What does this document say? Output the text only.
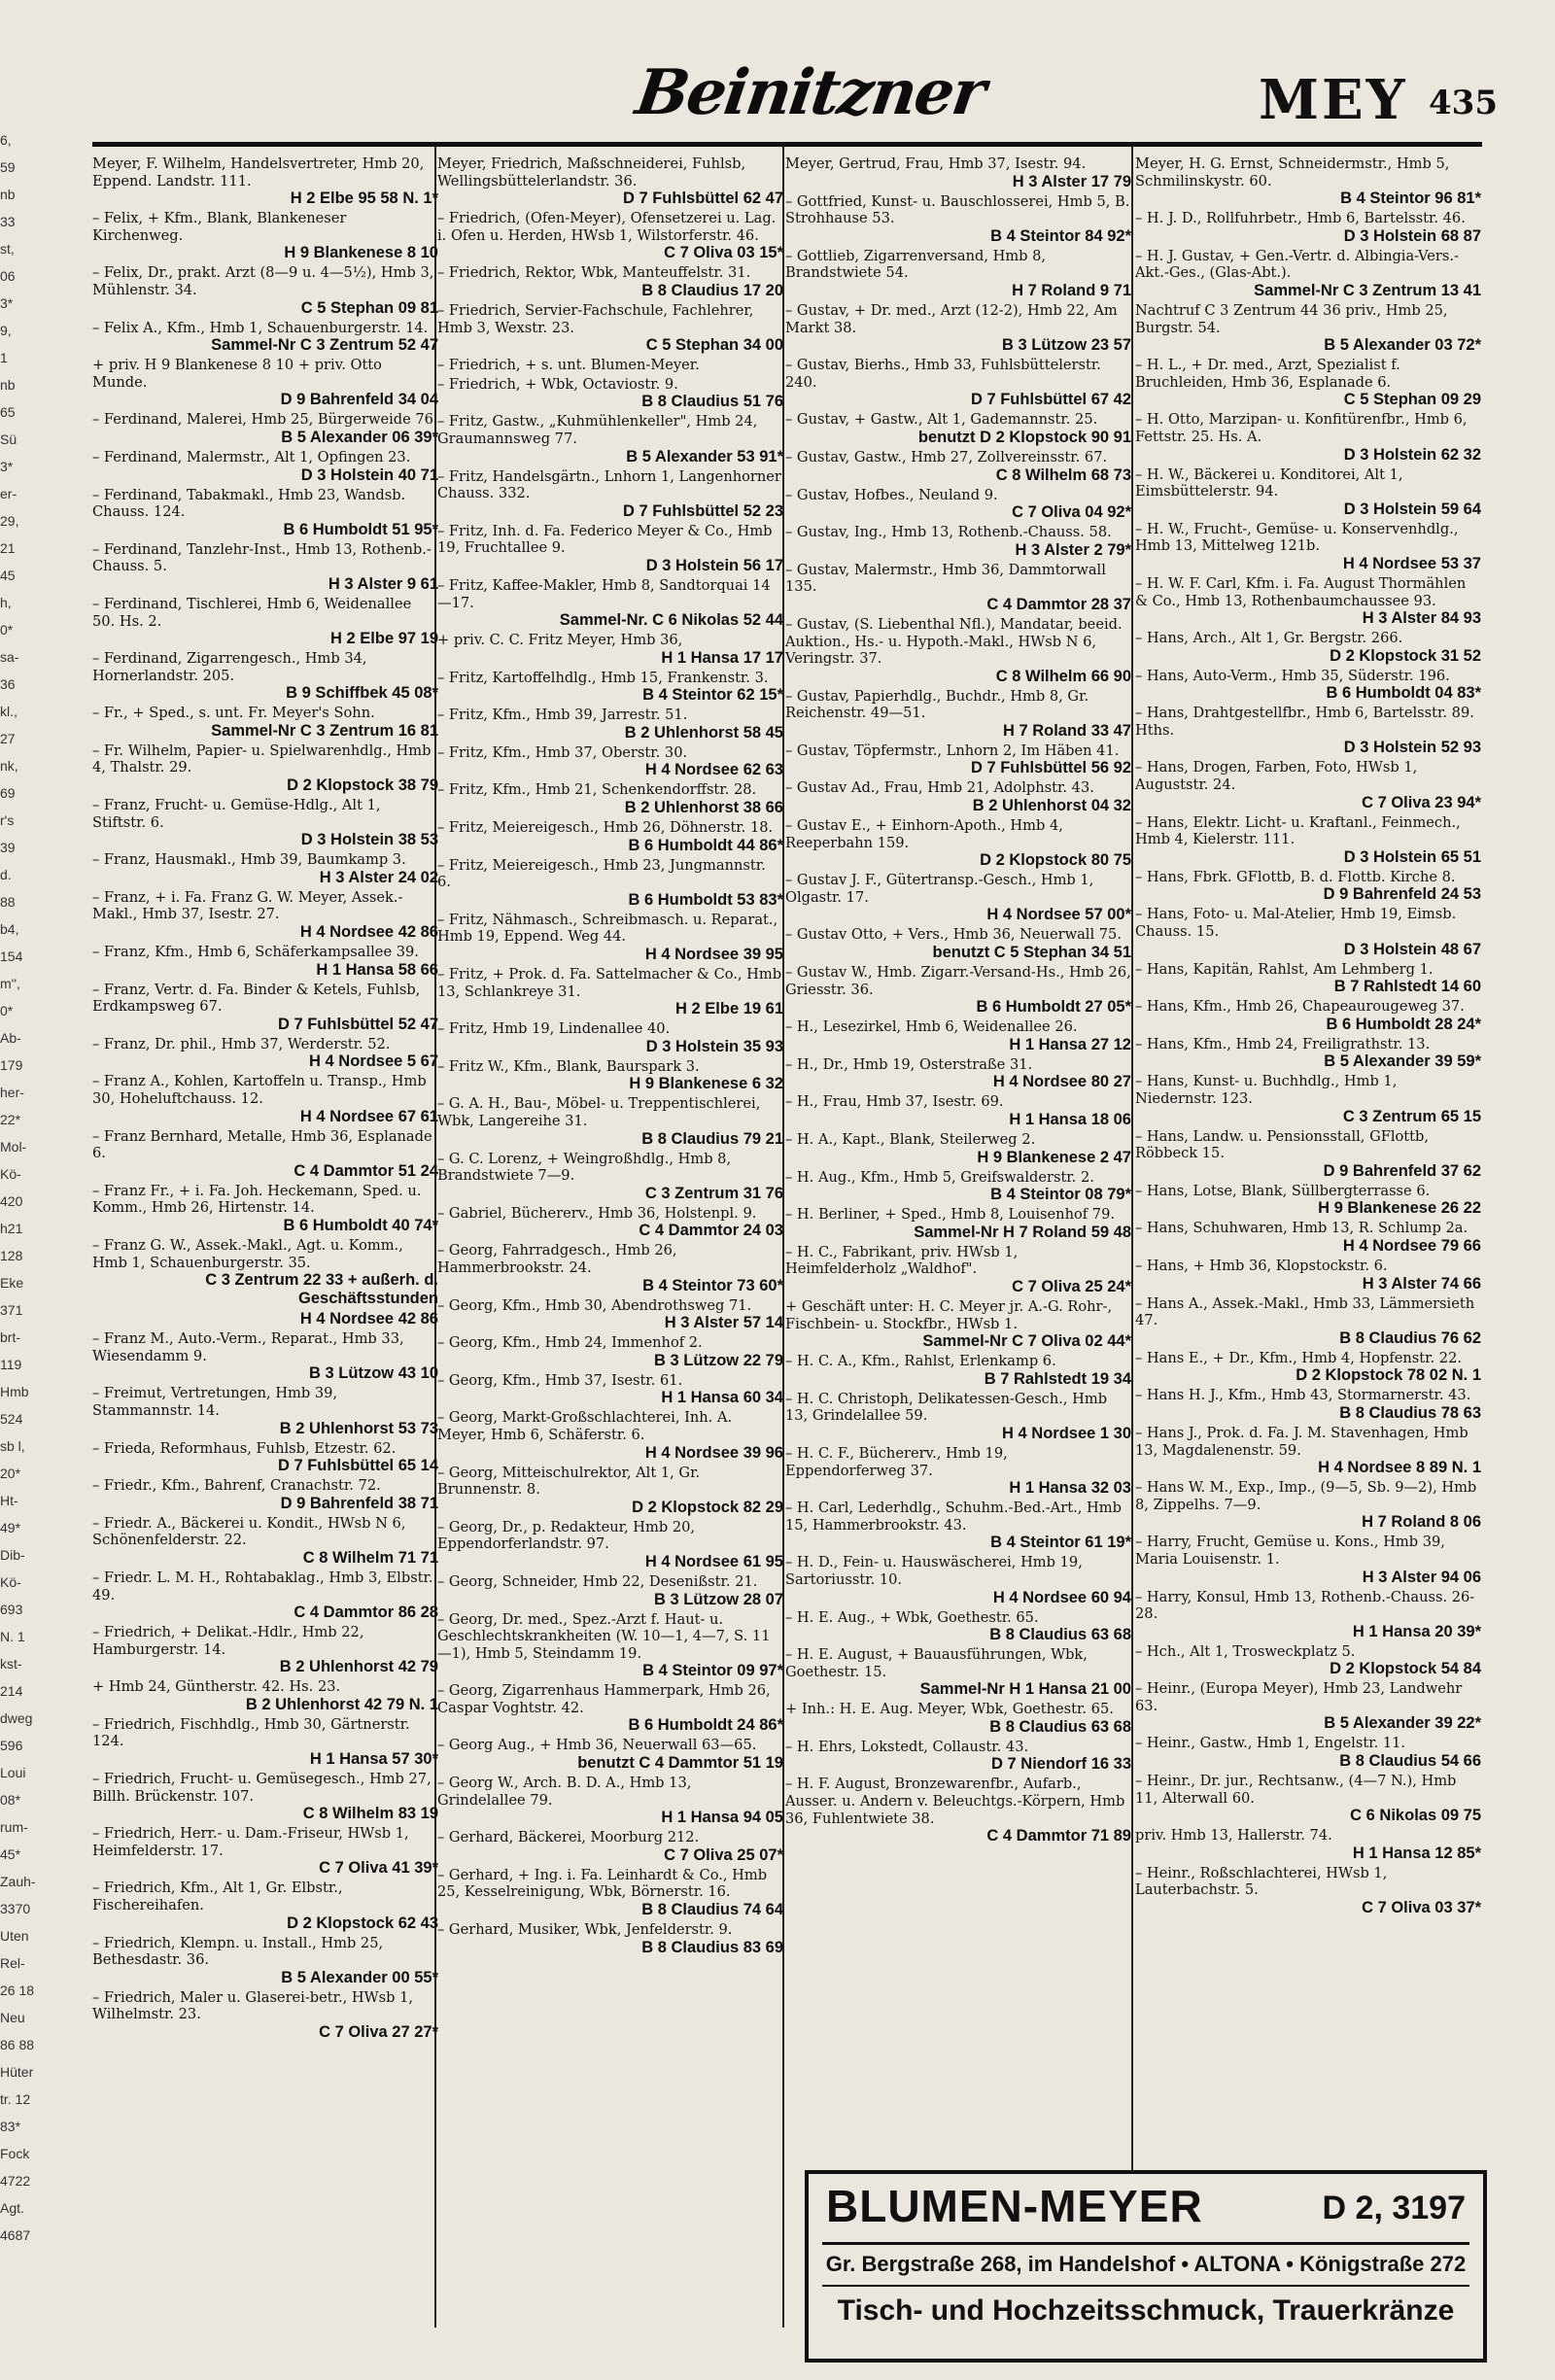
Beinitzner	MEY 435
6,
59
nb
33
st,
06
3*
9,
1
nb
65
Sü
3*
er-
29,
21
45
h,
0*
sa-
36
kl.,
27
nk,
69
r's
39
d.
88
b4,
154
m'',
0*
Ab-
179
her-
22*
Mol-
Kö-
420
h21
128
Eke
371
brt-
119
Hmb
524
sb l,
20*
Ht-
49*
Dib-
Kö-
693
N. 1
kst-
214
dweg
596
Loui
08*
rum-
45*
Zauh-
3370
Uten
Rel-
26 18
Neu
86 88
Hüter
tr. 12
83*
Fock
4722
Agt.
4687
Meyer, F. Wilhelm, Handelsvertreter, Hmb 20, Eppend. Landstr. 111.
H 2 Elbe 95 58 N. 1*
– Felix, + Kfm., Blank, Blankeneser Kirchenweg.
H 9 Blankenese 8 10
– Felix, Dr., prakt. Arzt (8—9 u. 4—5½), Hmb 3, Mühlenstr. 34.
C 5 Stephan 09 81
– Felix A., Kfm., Hmb 1, Schauenburgerstr. 14.
Sammel-Nr C 3 Zentrum 52 47
+ priv. H 9 Blankenese 8 10 + priv. Otto Munde.
D 9 Bahrenfeld 34 04
– Ferdinand, Malerei, Hmb 25, Bürgerweide 76.
B 5 Alexander 06 39*
– Ferdinand, Malermstr., Alt 1, Opfingen 23.
D 3 Holstein 40 71
– Ferdinand, Tabakmakl., Hmb 23, Wandsb. Chauss. 124.
B 6 Humboldt 51 95*
– Ferdinand, Tanzlehr-Inst., Hmb 13, Rothenb.-Chauss. 5.
H 3 Alster 9 61
– Ferdinand, Tischlerei, Hmb 6, Weidenallee 50. Hs. 2.
H 2 Elbe 97 19
– Ferdinand, Zigarrengesch., Hmb 34, Hornerlandstr. 205.
B 9 Schiffbek 45 08*
– Fr., + Sped., s. unt. Fr. Meyer's Sohn.
Sammel-Nr C 3 Zentrum 16 81
– Fr. Wilhelm, Papier- u. Spielwarenhdlg., Hmb 4, Thalstr. 29.
D 2 Klopstock 38 79
– Franz, Frucht- u. Gemüse-Hdlg., Alt 1, Stiftstr. 6.
D 3 Holstein 38 53
– Franz, Hausmakl., Hmb 39, Baumkamp 3.
H 3 Alster 24 02
– Franz, + i. Fa. Franz G. W. Meyer, Assek.-Makl., Hmb 37, Isestr. 27.
H 4 Nordsee 42 86
– Franz, Kfm., Hmb 6, Schäferkampsallee 39.
H 1 Hansa 58 66
– Franz, Vertr. d. Fa. Binder & Ketels, Fuhlsb, Erdkampsweg 67.
D 7 Fuhlsbüttel 52 47
– Franz, Dr. phil., Hmb 37, Werderstr. 52.
H 4 Nordsee 5 67
– Franz A., Kohlen, Kartoffeln u. Transp., Hmb 30, Hoheluftchauss. 12.
H 4 Nordsee 67 61
– Franz Bernhard, Metalle, Hmb 36, Esplanade 6.
C 4 Dammtor 51 24
– Franz Fr., + i. Fa. Joh. Heckemann, Sped. u. Komm., Hmb 26, Hirtenstr. 14.
B 6 Humboldt 40 74*
– Franz G. W., Assek.-Makl., Agt. u. Komm., Hmb 1, Schauenburgerstr. 35.
C 3 Zentrum 22 33 + außerh. d. Geschäftsstunden
H 4 Nordsee 42 86
– Franz M., Auto.-Verm., Reparat., Hmb 33, Wiesendamm 9.
B 3 Lützow 43 10
– Freimut, Vertretungen, Hmb 39, Stammannstr. 14.
B 2 Uhlenhorst 53 73
– Frieda, Reformhaus, Fuhlsb, Etzestr. 62.
D 7 Fuhlsbüttel 65 14
– Friedr., Kfm., Bahrenf, Cranachstr. 72.
D 9 Bahrenfeld 38 71
– Friedr. A., Bäckerei u. Kondit., HWsb N 6, Schönenfelderstr. 22.
C 8 Wilhelm 71 71
– Friedr. L. M. H., Rohtabaklag., Hmb 3, Elbstr. 49.
C 4 Dammtor 86 28
– Friedrich, + Delikat.-Hdlr., Hmb 22, Hamburgerstr. 14.
B 2 Uhlenhorst 42 79
+ Hmb 24, Güntherstr. 42. Hs. 23.
B 2 Uhlenhorst 42 79 N. 1
– Friedrich, Fischhdlg., Hmb 30, Gärtnerstr. 124.
H 1 Hansa 57 30*
– Friedrich, Frucht- u. Gemüsegesch., Hmb 27, Billh. Brückenstr. 107.
C 8 Wilhelm 83 19
– Friedrich, Herr.- u. Dam.-Friseur, HWsb 1, Heimfelderstr. 17.
C 7 Oliva 41 39*
– Friedrich, Kfm., Alt 1, Gr. Elbstr., Fischereihafen.
D 2 Klopstock 62 43
– Friedrich, Klempn. u. Install., Hmb 25, Bethesdastr. 36.
B 5 Alexander 00 55*
– Friedrich, Maler u. Glaserei-betr., HWsb 1, Wilhelmstr. 23.
C 7 Oliva 27 27*
Meyer, Friedrich, Maßschneiderei, Fuhlsb, Wellingsbüttelerlandstr. 36.
D 7 Fuhlsbüttel 62 47
– Friedrich, (Ofen-Meyer), Ofensetzerei u. Lag. i. Ofen u. Herden, HWsb 1, Wilstorferstr. 46.
C 7 Oliva 03 15*
– Friedrich, Rektor, Wbk, Manteuffelstr. 31.
B 8 Claudius 17 20
– Friedrich, Servier-Fachschule, Fachlehrer, Hmb 3, Wexstr. 23.
C 5 Stephan 34 00
– Friedrich, + s. unt. Blumen-Meyer.
– Friedrich, + Wbk, Octaviostr. 9.
B 8 Claudius 51 76
– Fritz, Gastw., „Kuhmühlenkeller", Hmb 24, Graumannsweg 77.
B 5 Alexander 53 91*
– Fritz, Handelsgärtn., Lnhorn 1, Langenhorner Chauss. 332.
D 7 Fuhlsbüttel 52 23
– Fritz, Inh. d. Fa. Federico Meyer & Co., Hmb 19, Fruchtallee 9.
D 3 Holstein 56 17
– Fritz, Kaffee-Makler, Hmb 8, Sandtorquai 14—17.
Sammel-Nr. C 6 Nikolas 52 44
+ priv. C. C. Fritz Meyer, Hmb 36,
H 1 Hansa 17 17
– Fritz, Kartoffelhdlg., Hmb 15, Frankenstr. 3.
B 4 Steintor 62 15*
– Fritz, Kfm., Hmb 39, Jarrestr. 51.
B 2 Uhlenhorst 58 45
– Fritz, Kfm., Hmb 37, Oberstr. 30.
H 4 Nordsee 62 63
– Fritz, Kfm., Hmb 21, Schenkendorffstr. 28.
B 2 Uhlenhorst 38 66
– Fritz, Meiereigesch., Hmb 26, Döhnerstr. 18.
B 6 Humboldt 44 86*
– Fritz, Meiereigesch., Hmb 23, Jungmannstr. 6.
B 6 Humboldt 53 83*
– Fritz, Nähmasch., Schreibmasch. u. Reparat., Hmb 19, Eppend. Weg 44.
H 4 Nordsee 39 95
– Fritz, + Prok. d. Fa. Sattelmacher & Co., Hmb 13, Schlankreye 31.
H 2 Elbe 19 61
– Fritz, Hmb 19, Lindenallee 40.
D 3 Holstein 35 93
– Fritz W., Kfm., Blank, Baurspark 3.
H 9 Blankenese 6 32
– G. A. H., Bau-, Möbel- u. Treppentischlerei, Wbk, Langereihe 31.
B 8 Claudius 79 21
– G. C. Lorenz, + Weingroßhdlg., Hmb 8, Brandstwiete 7—9.
C 3 Zentrum 31 76
– Gabriel, Büchererv., Hmb 36, Holstenpl. 9.
C 4 Dammtor 24 03
– Georg, Fahrradgesch., Hmb 26, Hammerbrookstr. 24.
B 4 Steintor 73 60*
– Georg, Kfm., Hmb 30, Abendrothsweg 71.
H 3 Alster 57 14
– Georg, Kfm., Hmb 24, Immenhof 2.
B 3 Lützow 22 79
– Georg, Kfm., Hmb 37, Isestr. 61.
H 1 Hansa 60 34
– Georg, Markt-Großschlachterei, Inh. A. Meyer, Hmb 6, Schäferstr. 6.
H 4 Nordsee 39 96
– Georg, Mitteischulrektor, Alt 1, Gr. Brunnenstr. 8.
D 2 Klopstock 82 29
– Georg, Dr., p. Redakteur, Hmb 20, Eppendorferlandstr. 97.
H 4 Nordsee 61 95
– Georg, Schneider, Hmb 22, Desenißstr. 21.
B 3 Lützow 28 07
– Georg, Dr. med., Spez.-Arzt f. Haut- u. Geschlechtskrankheiten (W. 10—1, 4—7, S. 11—1), Hmb 5, Steindamm 19.
B 4 Steintor 09 97*
– Georg, Zigarrenhaus Hammerpark, Hmb 26, Caspar Voghtstr. 42.
B 6 Humboldt 24 86*
– Georg Aug., + Hmb 36, Neuerwall 63—65.
benutzt C 4 Dammtor 51 19
– Georg W., Arch. B. D. A., Hmb 13, Grindelallee 79.
H 1 Hansa 94 05
– Gerhard, Bäckerei, Moorburg 212.
C 7 Oliva 25 07*
– Gerhard, + Ing. i. Fa. Leinhardt & Co., Hmb 25, Kesselreinigung, Wbk, Börnerstr. 16.
B 8 Claudius 74 64
– Gerhard, Musiker, Wbk, Jenfelderstr. 9.
B 8 Claudius 83 69
Meyer, Gertrud, Frau, Hmb 37, Isestr. 94.
H 3 Alster 17 79
– Gottfried, Kunst- u. Bauschlosserei, Hmb 5, B. Strohhause 53.
B 4 Steintor 84 92*
– Gottlieb, Zigarrenversand, Hmb 8, Brandstwiete 54.
H 7 Roland 9 71
– Gustav, + Dr. med., Arzt (12-2), Hmb 22, Am Markt 38.
B 3 Lützow 23 57
– Gustav, Bierhs., Hmb 33, Fuhlsbüttelerstr. 240.
D 7 Fuhlsbüttel 67 42
– Gustav, + Gastw., Alt 1, Gademannstr. 25.
benutzt D 2 Klopstock 90 91
– Gustav, Gastw., Hmb 27, Zollvereinsstr. 67.
C 8 Wilhelm 68 73
– Gustav, Hofbes., Neuland 9.
C 7 Oliva 04 92*
– Gustav, Ing., Hmb 13, Rothenb.-Chauss. 58.
H 3 Alster 2 79*
– Gustav, Malermstr., Hmb 36, Dammtorwall 135.
C 4 Dammtor 28 37
– Gustav, (S. Liebenthal Nfl.), Mandatar, beeid. Auktion., Hs.- u. Hypoth.-Makl., HWsb N 6, Veringstr. 37.
C 8 Wilhelm 66 90
– Gustav, Papierhdlg., Buchdr., Hmb 8, Gr. Reichenstr. 49—51.
H 7 Roland 33 47
– Gustav, Töpfermstr., Lnhorn 2, Im Häben 41.
D 7 Fuhlsbüttel 56 92
– Gustav Ad., Frau, Hmb 21, Adolphstr. 43.
B 2 Uhlenhorst 04 32
– Gustav E., + Einhorn-Apoth., Hmb 4, Reeperbahn 159.
D 2 Klopstock 80 75
– Gustav J. F., Gütertransp.-Gesch., Hmb 1, Olgastr. 17.
H 4 Nordsee 57 00*
– Gustav Otto, + Vers., Hmb 36, Neuerwall 75.
benutzt C 5 Stephan 34 51
– Gustav W., Hmb. Zigarr.-Versand-Hs., Hmb 26, Griesstr. 36.
B 6 Humboldt 27 05*
– H., Lesezirkel, Hmb 6, Weidenallee 26.
H 1 Hansa 27 12
– H., Dr., Hmb 19, Osterstraße 31.
H 4 Nordsee 80 27
– H., Frau, Hmb 37, Isestr. 69.
H 1 Hansa 18 06
– H. A., Kapt., Blank, Steilerweg 2.
H 9 Blankenese 2 47
– H. Aug., Kfm., Hmb 5, Greifswalderstr. 2.
B 4 Steintor 08 79*
– H. Berliner, + Sped., Hmb 8, Louisenhof 79.
Sammel-Nr H 7 Roland 59 48
– H. C., Fabrikant, priv. HWsb 1, Heimfelderholz „Waldhof".
C 7 Oliva 25 24*
+ Geschäft unter: H. C. Meyer jr. A.-G. Rohr-, Fischbein- u. Stockfbr., HWsb 1.
Sammel-Nr C 7 Oliva 02 44*
– H. C. A., Kfm., Rahlst, Erlenkamp 6.
B 7 Rahlstedt 19 34
– H. C. Christoph, Delikatessen-Gesch., Hmb 13, Grindelallee 59.
H 4 Nordsee 1 30
– H. C. F., Büchererv., Hmb 19, Eppendorferweg 37.
H 1 Hansa 32 03
– H. Carl, Lederhdlg., Schuhm.-Bed.-Art., Hmb 15, Hammerbrookstr. 43.
B 4 Steintor 61 19*
– H. D., Fein- u. Hauswäscherei, Hmb 19, Sartoriusstr. 10.
H 4 Nordsee 60 94
– H. E. Aug., + Wbk, Goethestr. 65.
B 8 Claudius 63 68
– H. E. August, + Bauausführungen, Wbk, Goethestr. 15.
Sammel-Nr H 1 Hansa 21 00
+ Inh.: H. E. Aug. Meyer, Wbk, Goethestr. 65.
B 8 Claudius 63 68
– H. Ehrs, Lokstedt, Collaustr. 43.
D 7 Niendorf 16 33
– H. F. August, Bronzewarenfbr., Aufarb., Ausser. u. Andern v. Beleuchtgs.-Körpern, Hmb 36, Fuhlentwiete 38.
C 4 Dammtor 71 89
Meyer, H. G. Ernst, Schneidermstr., Hmb 5, Schmilinskystr. 60.
B 4 Steintor 96 81*
– H. J. D., Rollfuhrbetr., Hmb 6, Bartelsstr. 46.
D 3 Holstein 68 87
– H. J. Gustav, + Gen.-Vertr. d. Albingia-Vers.-Akt.-Ges., (Glas-Abt.).
Sammel-Nr C 3 Zentrum 13 41
Nachtruf C 3 Zentrum 44 36 priv., Hmb 25, Burgstr. 54.
B 5 Alexander 03 72*
– H. L., + Dr. med., Arzt, Spezialist f. Bruchleiden, Hmb 36, Esplanade 6.
C 5 Stephan 09 29
– H. Otto, Marzipan- u. Konfitürenfbr., Hmb 6, Fettstr. 25. Hs. A.
D 3 Holstein 62 32
– H. W., Bäckerei u. Konditorei, Alt 1, Eimsbüttelerstr. 94.
D 3 Holstein 59 64
– H. W., Frucht-, Gemüse- u. Konservenhdlg., Hmb 13, Mittelweg 121b.
H 4 Nordsee 53 37
– H. W. F. Carl, Kfm. i. Fa. August Thormählen & Co., Hmb 13, Rothenbaumchaussee 93.
H 3 Alster 84 93
– Hans, Arch., Alt 1, Gr. Bergstr. 266.
D 2 Klopstock 31 52
– Hans, Auto-Verm., Hmb 35, Süderstr. 196.
B 6 Humboldt 04 83*
– Hans, Drahtgestellfbr., Hmb 6, Bartelsstr. 89. Hths.
D 3 Holstein 52 93
– Hans, Drogen, Farben, Foto, HWsb 1, Auguststr. 24.
C 7 Oliva 23 94*
– Hans, Elektr. Licht- u. Kraftanl., Feinmech., Hmb 4, Kielerstr. 111.
D 3 Holstein 65 51
– Hans, Fbrk. GFlottb, B. d. Flottb. Kirche 8.
D 9 Bahrenfeld 24 53
– Hans, Foto- u. Mal-Atelier, Hmb 19, Eimsb. Chauss. 15.
D 3 Holstein 48 67
– Hans, Kapitän, Rahlst, Am Lehmberg 1.
B 7 Rahlstedt 14 60
– Hans, Kfm., Hmb 26, Chapeaurougeweg 37.
B 6 Humboldt 28 24*
– Hans, Kfm., Hmb 24, Freiligrathstr. 13.
B 5 Alexander 39 59*
– Hans, Kunst- u. Buchhdlg., Hmb 1, Niedernstr. 123.
C 3 Zentrum 65 15
– Hans, Landw. u. Pensionsstall, GFlottb, Röbbeck 15.
D 9 Bahrenfeld 37 62
– Hans, Lotse, Blank, Süllbergterrasse 6.
H 9 Blankenese 26 22
– Hans, Schuhwaren, Hmb 13, R. Schlump 2a.
H 4 Nordsee 79 66
– Hans, + Hmb 36, Klopstockstr. 6.
H 3 Alster 74 66
– Hans A., Assek.-Makl., Hmb 33, Lämmersieth 47.
B 8 Claudius 76 62
– Hans E., + Dr., Kfm., Hmb 4, Hopfenstr. 22.
D 2 Klopstock 78 02 N. 1
– Hans H. J., Kfm., Hmb 43, Stormarnerstr. 43.
B 8 Claudius 78 63
– Hans J., Prok. d. Fa. J. M. Stavenhagen, Hmb 13, Magdalenenstr. 59.
H 4 Nordsee 8 89 N. 1
– Hans W. M., Exp., Imp., (9—5, Sb. 9—2), Hmb 8, Zippelhs. 7—9.
H 7 Roland 8 06
– Harry, Frucht, Gemüse u. Kons., Hmb 39, Maria Louisenstr. 1.
H 3 Alster 94 06
– Harry, Konsul, Hmb 13, Rothenb.-Chauss. 26-28.
H 1 Hansa 20 39*
– Hch., Alt 1, Trosweckplatz 5.
D 2 Klopstock 54 84
– Heinr., (Europa Meyer), Hmb 23, Landwehr 63.
B 5 Alexander 39 22*
– Heinr., Gastw., Hmb 1, Engelstr. 11.
B 8 Claudius 54 66
– Heinr., Dr. jur., Rechtsanw., (4—7 N.), Hmb 11, Alterwall 60.
C 6 Nikolas 09 75
priv. Hmb 13, Hallerstr. 74.
H 1 Hansa 12 85*
– Heinr., Roßschlachterei, HWsb 1, Lauterbachstr. 5.
C 7 Oliva 03 37*
BLUMEN-MEYER	D 2, 3197
Gr. Bergstraße 268, im Handelshof • ALTONA • Königstraße 272
Tisch- und Hochzeitsschmuck, Trauerkränze
